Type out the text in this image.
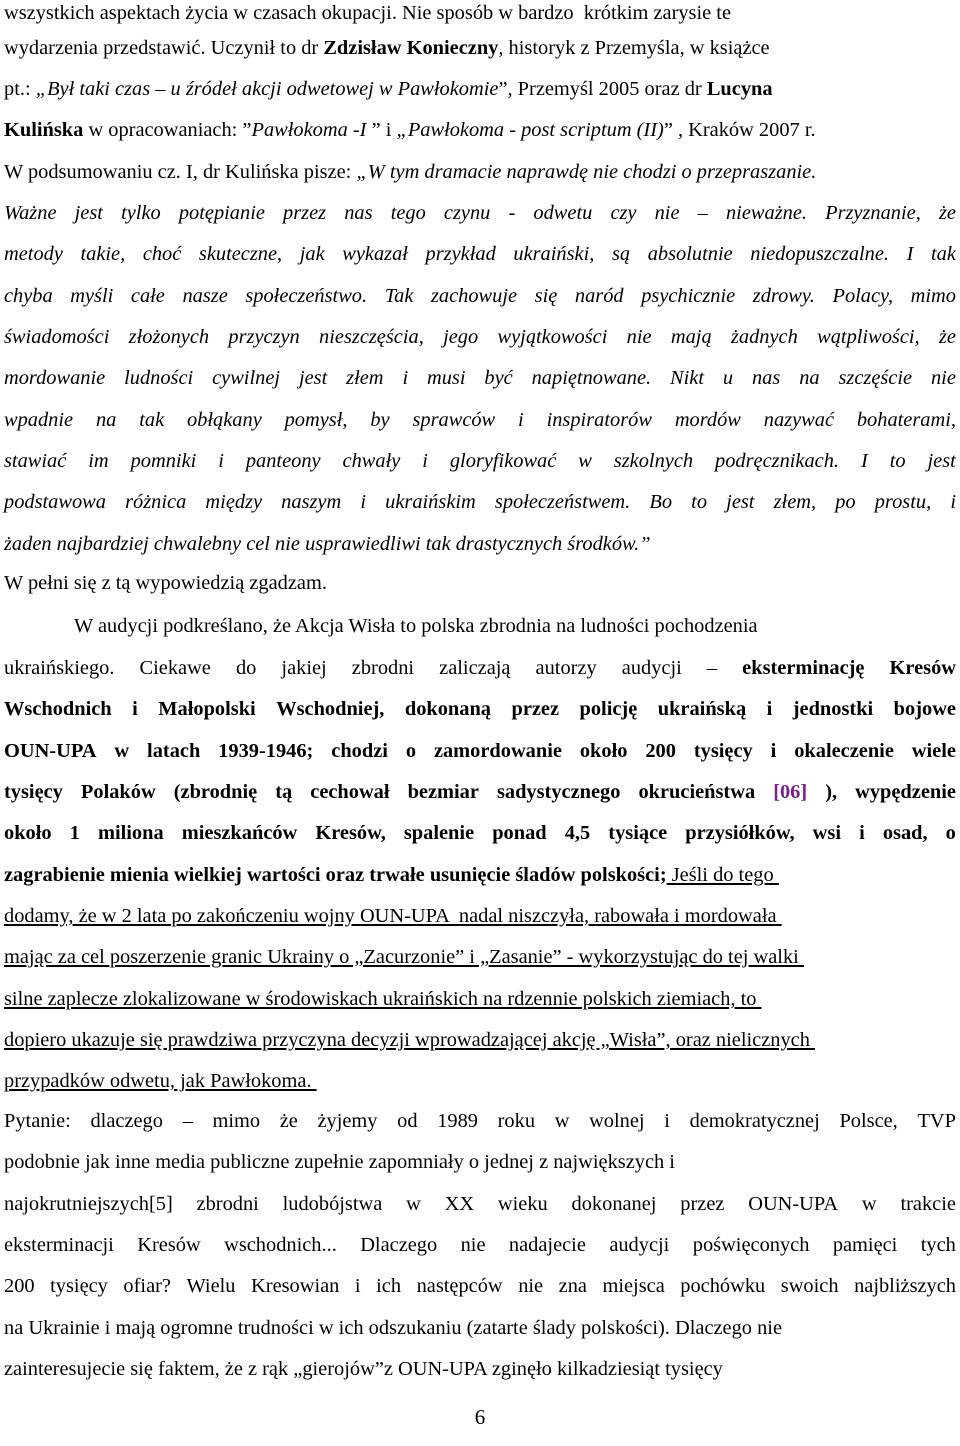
wszystkich aspektach życia w czasach okupacji. Nie sposób w bardzo  krótkim zarysie te
wydarzenia przedstawić. Uczynił to dr Zdzisław Konieczny, historyk z Przemyśla, w książce
pt.: „Był taki czas – u źródeł akcji odwetowej w Pawłokomie”, Przemyśl 2005 oraz dr Lucyna
Kulińska w opracowaniach: ”Pawłokoma -I ” i „Pawłokoma - post scriptum (II)” , Kraków 2007 r.
W podsumowaniu cz. I, dr Kulińska pisze: „W tym dramacie naprawdę nie chodzi o przepraszanie.
Ważne jest tylko potępianie przez nas tego czynu - odwetu czy nie – nieważne. Przyznanie, że
metody takie, choć skuteczne, jak wykazał przykład ukraiński, są absolutnie niedopuszczalne. I tak
chyba myśli całe nasze społeczeństwo. Tak zachowuje się naród psychicznie zdrowy. Polacy, mimo
świadomości złożonych przyczyn nieszczęścia, jego wyjątkowości nie mają żadnych wątpliwości, że
mordowanie ludności cywilnej jest złem i musi być napiętnowane. Nikt u nas na szczęście nie
wpadnie na tak obłąkany pomysł, by sprawców i inspiratorów mordów nazywać bohaterami,
stawiać im pomniki i panteony chwały i gloryfikować w szkolnych podręcznikach. I to jest
podstawowa różnica między naszym i ukraińskim społeczeństwem. Bo to jest złem, po prostu, i
żaden najbardziej chwalebny cel nie usprawiedliwi tak drastycznych środków.”
W pełni się z tą wypowiedzią zgadzam.
W audycji podkreślano, że Akcja Wisła to polska zbrodnia na ludności pochodzenia
ukraińskiego. Ciekawe do jakiej zbrodni zaliczają autorzy audycji – eksterminację Kresów
Wschodnich i Małopolski Wschodniej, dokonaną przez policję ukraińską i jednostki bojowe
OUN-UPA w latach 1939-1946; chodzi o zamordowanie około 200 tysięcy i okaleczenie wiele
tysięcy Polaków (zbrodnię tą cechował bezmiar sadystycznego okrucieństwa [06] ), wypędzenie
około 1 miliona mieszkańców Kresów, spalenie ponad 4,5 tysiące przysiółków, wsi i osad, o
zagrabienie mienia wielkiej wartości oraz trwałe usunięcie śladów polskości; Jeśli do tego
dodamy, że w 2 lata po zakończeniu wojny OUN-UPA  nadal niszczyła, rabowała i mordowała
mając za cel poszerzenie granic Ukrainy o „Zacurzonie” i „Zasanie” - wykorzystując do tej walki
silne zaplecze zlokalizowane w środowiskach ukraińskich na rdzennie polskich ziemiach, to
dopiero ukazuje się prawdziwa przyczyna decyzji wprowadzającej akcję „Wisła”, oraz nielicznych
przypadków odwetu, jak Pawłokoma.
Pytanie: dlaczego – mimo że żyjemy od 1989 roku w wolnej i demokratycznej Polsce, TVP
podobnie jak inne media publiczne zupełnie zapomniały o jednej z największych i
najokrutniejszych[5] zbrodni ludobójstwa w XX wieku dokonanej przez OUN-UPA w trakcie
eksterminacji Kresów wschodnich... Dlaczego nie nadajecie audycji poświęconych pamięci tych
200 tysięcy ofiar? Wielu Kresowian i ich następców nie zna miejsca pochówku swoich najbliższych
na Ukrainie i mają ogromne trudności w ich odszukaniu (zatarte ślady polskości). Dlaczego nie
zainteresujecie się faktem, że z rąk „gierojów”z OUN-UPA zginęło kilkadziesiąt tysięcy
6
